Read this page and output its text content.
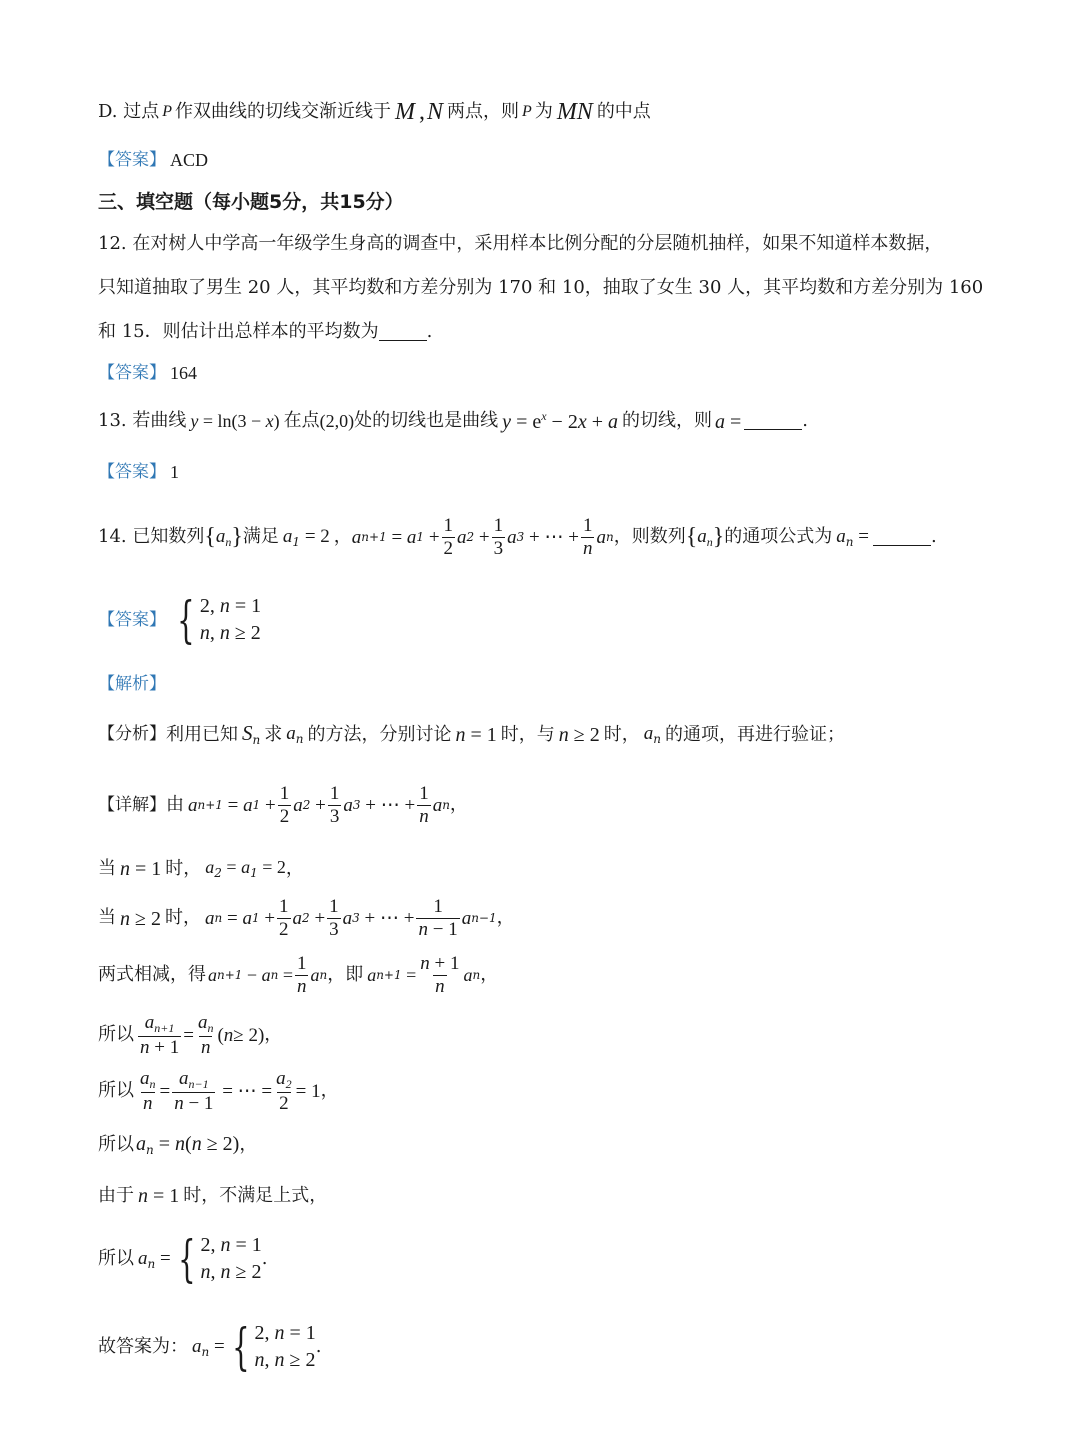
D. 过点 P 作双曲线的切线交渐近线于 M , N 两点，则 P 为 MN 的中点
【答案】 ACD
三、填空题（每小题5分，共15分）
12. 在对树人中学高一年级学生身高的调查中，采用样本比例分配的分层随机抽样，如果不知道样本数据，
只知道抽取了男生 20 人，其平均数和方差分别为 170 和 10，抽取了女生 30 人，其平均数和方差分别为 160
和 15．则估计出总样本的平均数为	.
【答案】 164
13. 若曲线 y = ln(3 − x) 在点 (2,0) 处的切线也是曲线 $y = e^x - 2x + a$ 的切线，则 a =	.
【答案】 1
14. 已知数列 { $a_n$ } 满足 $a_1 = 2$ ， a n+1 = a $1 + \frac{1}{2}$ a $2 + \frac{1}{3}$ a 3 + ⋯ + $\frac{1}{n}$ a n ，则数列 { $a_n$ } 的通项公式为 $a_n$ =	.
【答案】 { 2, n = 1
n, n ≥ 2
【解析】
【分析】 利用已知 $S_n$ 求 $a_n$ 的方法，分别讨论 n = 1 时，与 n ≥ 2 时， $a_n$ 的通项，再进行验证；
【详解】 由 a n+1 = a $1 + \frac{1}{2}$ a $2 + \frac{1}{3}$ a 3 + ⋯ + $\frac{1}{n}$ a n ，
当 n = 1 时， $a_2 = a_1 = 2$ ，
当 n ≥ 2 时， a n = a $1 + \frac{1}{2}$ a $2 + \frac{1}{3}$ a 3 + ⋯ + $\frac{1}{n - 1}$ a n−1 ，
两式相减，得 a n+1 − a $n = \frac{1}{n}$ a n ，即 a $n+1 = \frac{n + 1}{n}$ a n ，
所以 $\frac{a_{n+1}}{n + 1} = \frac{a_n}{n}$ ( n ≥ 2) ，
所以 $\frac{a_n}{n} = \frac{a_{n-1}}{n - 1}$ = ⋯ = $\frac{a_2}{2} = 1$ ，
所以 $a_n = n(n \ge 2)$ ，
由于 n = 1 时，不满足上式，
所以 $a_n$ = { 2, n = 1
n, n ≥ 2
.
故答案为： $a_n$ = { 2, n = 1
n, n ≥ 2
.
